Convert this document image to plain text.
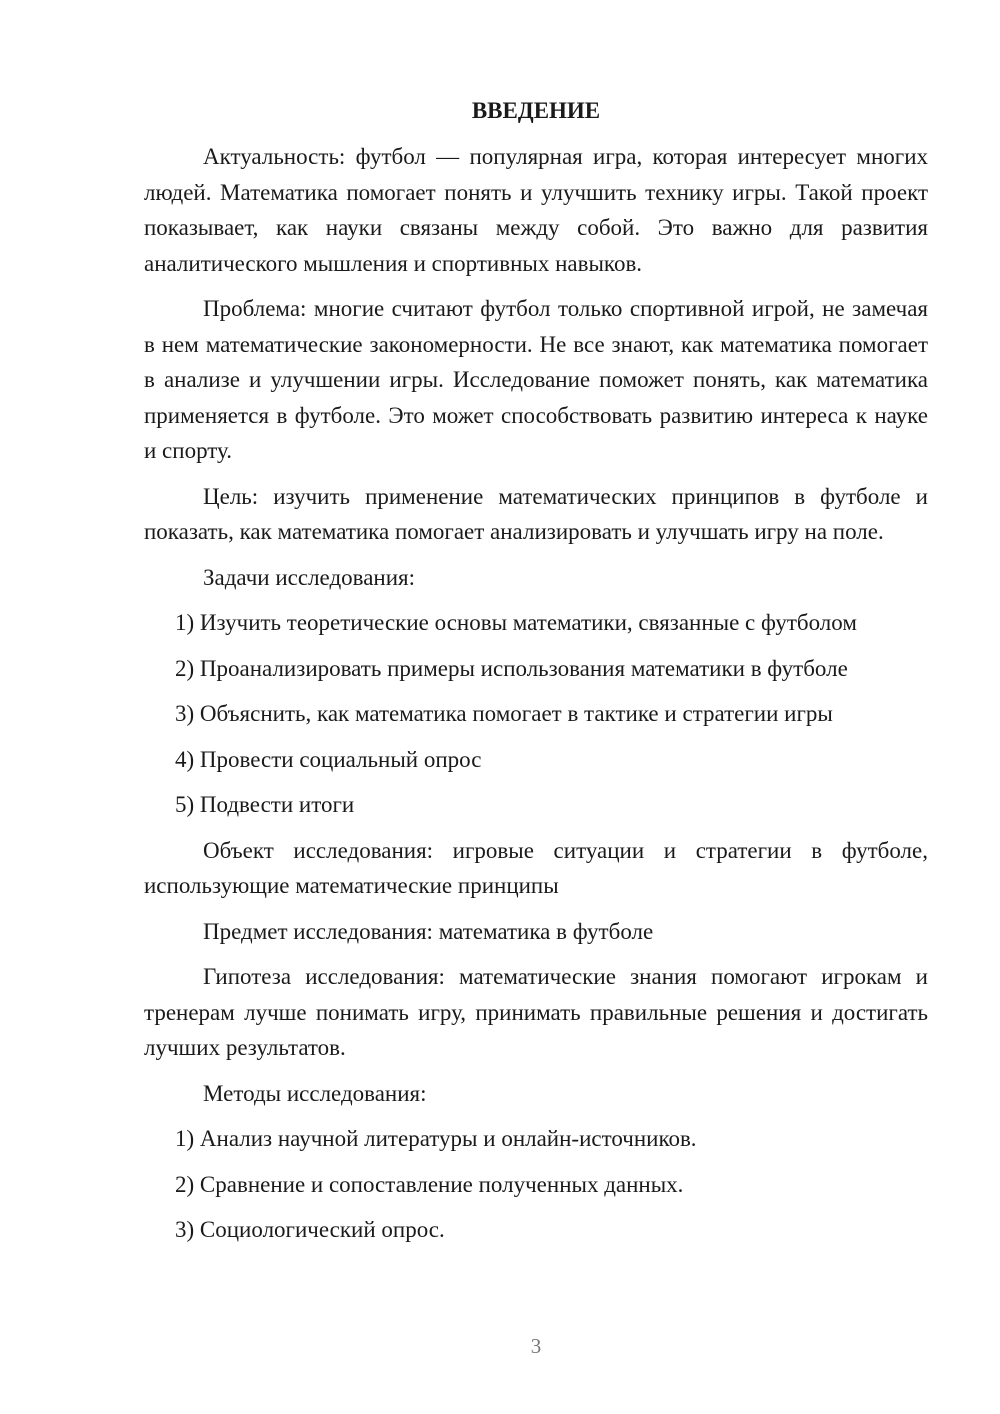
ВВЕДЕНИЕ

Актуальность: футбол — популярная игра, которая интересует многих людей. Математика помогает понять и улучшить технику игры. Такой проект показывает, как науки связаны между собой. Это важно для развития аналитического мышления и спортивных навыков.

Проблема: многие считают футбол только спортивной игрой, не замечая в нем математические закономерности. Не все знают, как математика помогает в анализе и улучшении игры. Исследование поможет понять, как математика применяется в футболе. Это может способствовать развитию интереса к науке и спорту.

Цель: изучить применение математических принципов в футболе и показать, как математика помогает анализировать и улучшать игру на поле.

Задачи исследования:

1) Изучить теоретические основы математики, связанные с футболом
2) Проанализировать примеры использования математики в футболе
3) Объяснить, как математика помогает в тактике и стратегии игры
4) Провести социальный опрос
5) Подвести итоги

Объект исследования: игровые ситуации и стратегии в футболе, использующие математические принципы

Предмет исследования: математика в футболе

Гипотеза исследования: математические знания помогают игрокам и тренерам лучше понимать игру, принимать правильные решения и достигать лучших результатов.

Методы исследования:

1) Анализ научной литературы и онлайн-источников.
2) Сравнение и сопоставление полученных данных.
3) Социологический опрос.
3
